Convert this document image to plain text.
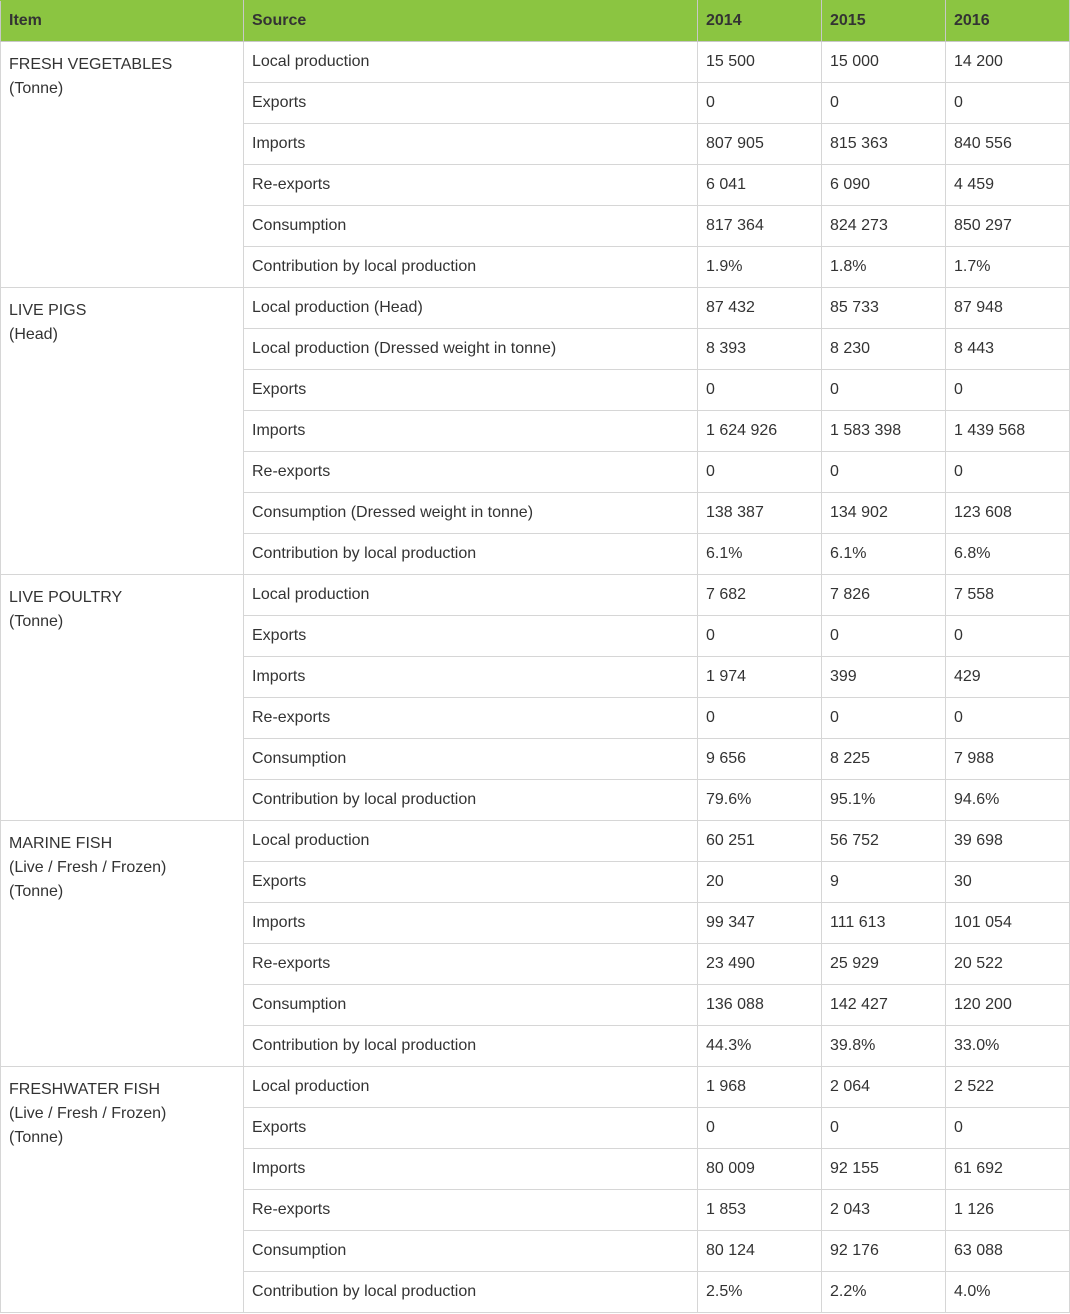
Item	Source	2014	2015	2016

FRESH VEGETABLES
(Tonne)	Local production	15 500	15 000	14 200
	Exports	0	0	0
	Imports	807 905	815 363	840 556
	Re-exports	6 041	6 090	4 459
	Consumption	817 364	824 273	850 297
	Contribution by local production	1.9%	1.8%	1.7%

LIVE PIGS
(Head)	Local production (Head)	87 432	85 733	87 948
	Local production (Dressed weight in tonne)	8 393	8 230	8 443
	Exports	0	0	0
	Imports	1 624 926	1 583 398	1 439 568
	Re-exports	0	0	0
	Consumption (Dressed weight in tonne)	138 387	134 902	123 608
	Contribution by local production	6.1%	6.1%	6.8%

LIVE POULTRY
(Tonne)	Local production	7 682	7 826	7 558
	Exports	0	0	0
	Imports	1 974	399	429
	Re-exports	0	0	0
	Consumption	9 656	8 225	7 988
	Contribution by local production	79.6%	95.1%	94.6%

MARINE FISH
(Live / Fresh / Frozen)
(Tonne)	Local production	60 251	56 752	39 698
	Exports	20	9	30
	Imports	99 347	111 613	101 054
	Re-exports	23 490	25 929	20 522
	Consumption	136 088	142 427	120 200
	Contribution by local production	44.3%	39.8%	33.0%

FRESHWATER FISH
(Live / Fresh / Frozen)
(Tonne)	Local production	1 968	2 064	2 522
	Exports	0	0	0
	Imports	80 009	92 155	61 692
	Re-exports	1 853	2 043	1 126
	Consumption	80 124	92 176	63 088
	Contribution by local production	2.5%	2.2%	4.0%
